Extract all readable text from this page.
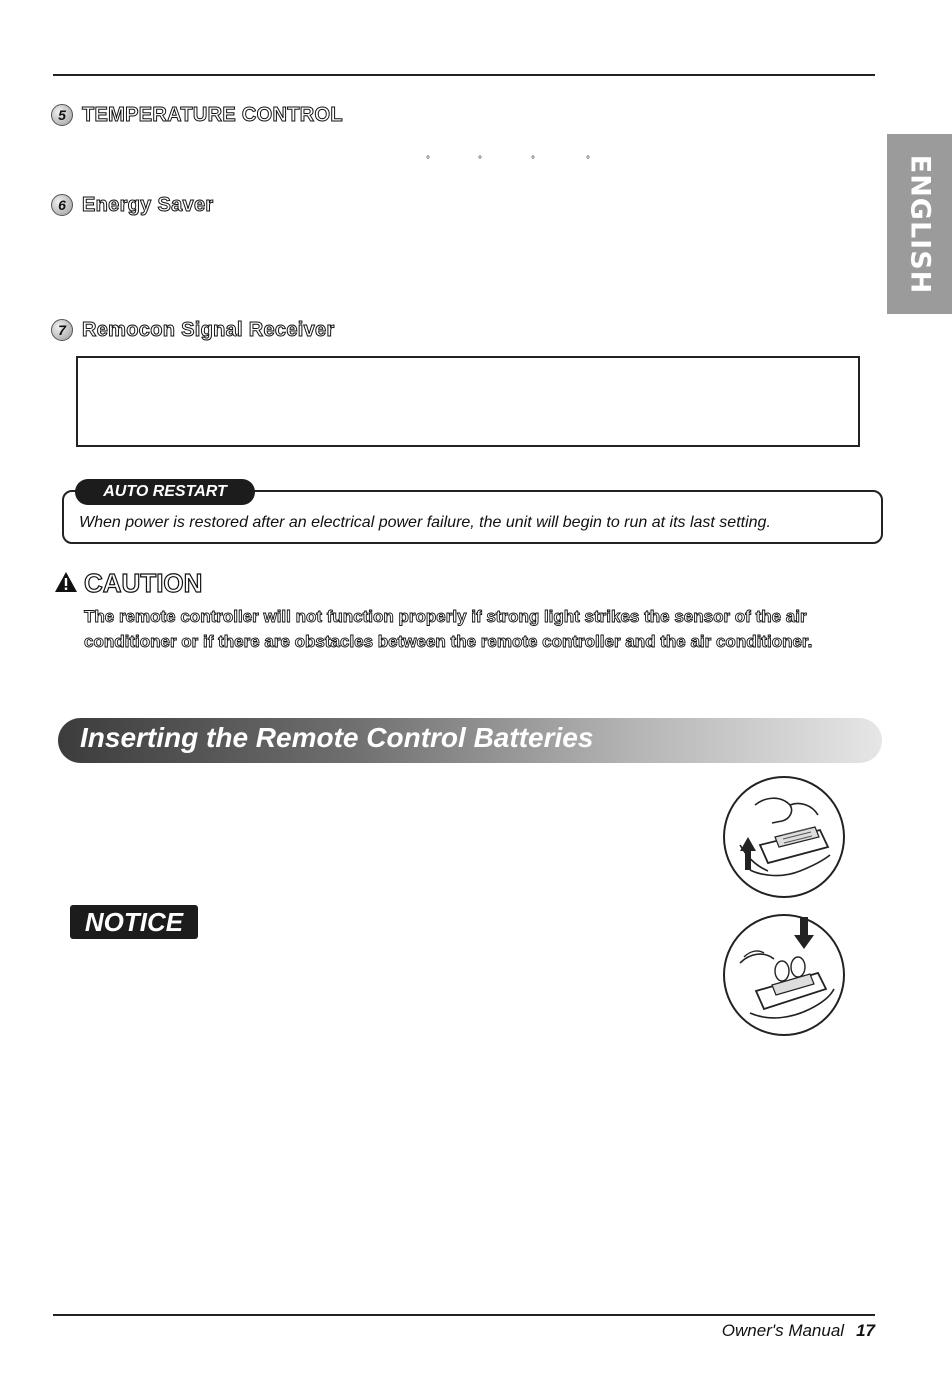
ENGLISH
5 TEMPERATURE CONTROL
°	°	°	°
6 Energy Saver
7 Remocon Signal Receiver
AUTO RESTART
When power is restored after an electrical power failure, the unit will begin to run at its last setting.
CAUTION
The remote controller will not function properly if strong light strikes the sensor of the air conditioner or if there are obstacles between the remote controller and the air conditioner.
Inserting the Remote Control Batteries
NOTICE
Owner's Manual 17
